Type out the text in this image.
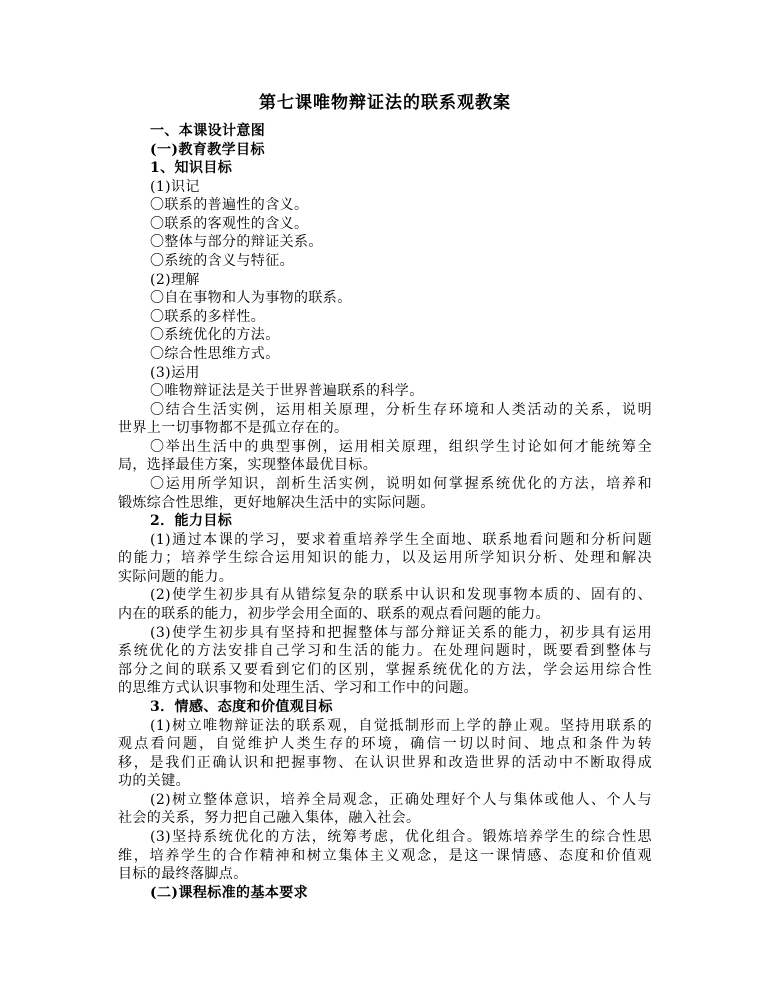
第七课唯物辩证法的联系观教案
一、本课设计意图
(一)教育教学目标
1、知识目标
(1)识记
〇联系的普遍性的含义。
〇联系的客观性的含义。
〇整体与部分的辩证关系。
〇系统的含义与特征。
(2)理解
〇自在事物和人为事物的联系。
〇联系的多样性。
〇系统优化的方法。
〇综合性思维方式。
(3)运用
〇唯物辩证法是关于世界普遍联系的科学。
〇结合生活实例，运用相关原理，分析生存环境和人类活动的关系，说明
世界上一切事物都不是孤立存在的。
〇举出生活中的典型事例，运用相关原理，组织学生讨论如何才能统筹全
局，选择最佳方案，实现整体最优目标。
〇运用所学知识，剖析生活实例，说明如何掌握系统优化的方法，培养和
锻炼综合性思维，更好地解决生活中的实际问题。
2．能力目标
(1)通过本课的学习，要求着重培养学生全面地、联系地看问题和分析问题
的能力；培养学生综合运用知识的能力，以及运用所学知识分析、处理和解决
实际问题的能力。
(2)使学生初步具有从错综复杂的联系中认识和发现事物本质的、固有的、
内在的联系的能力，初步学会用全面的、联系的观点看问题的能力。
(3)使学生初步具有坚持和把握整体与部分辩证关系的能力，初步具有运用
系统优化的方法安排自己学习和生活的能力。在处理问题时，既要看到整体与
部分之间的联系又要看到它们的区别，掌握系统优化的方法，学会运用综合性
的思维方式认识事物和处理生活、学习和工作中的问题。
3．情感、态度和价值观目标
(1)树立唯物辩证法的联系观，自觉抵制形而上学的静止观。坚持用联系的
观点看问题，自觉维护人类生存的环境，确信一切以时间、地点和条件为转
移，是我们正确认识和把握事物、在认识世界和改造世界的活动中不断取得成
功的关键。
(2)树立整体意识，培养全局观念，正确处理好个人与集体或他人、个人与
社会的关系，努力把自己融入集体，融入社会。
(3)坚持系统优化的方法，统筹考虑，优化组合。锻炼培养学生的综合性思
维，培养学生的合作精神和树立集体主义观念，是这一课情感、态度和价值观
目标的最终落脚点。
(二)课程标准的基本要求
